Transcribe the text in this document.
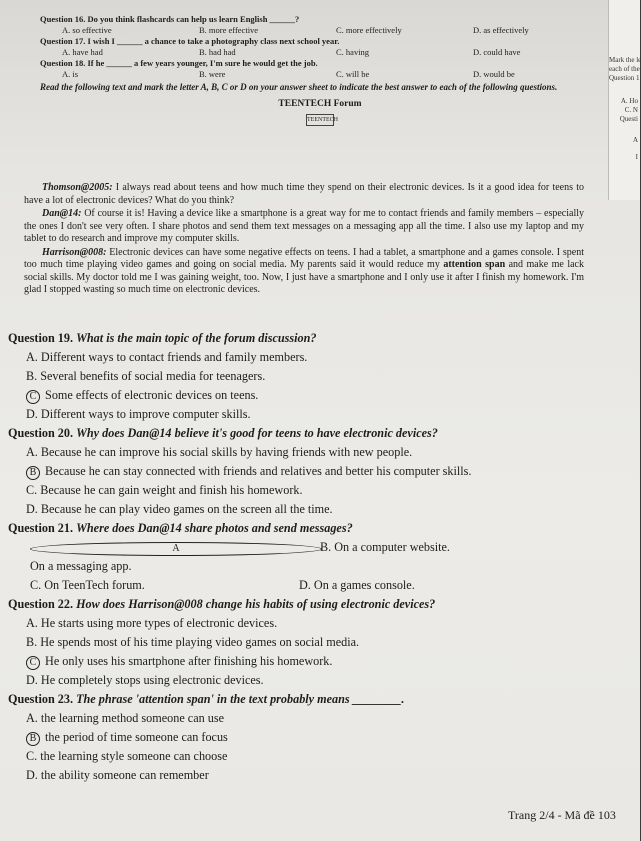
Mark the le
each of the
Question 1
A. Ho
C. N
Questi
A
I
Question 16. Do you think flashcards can help us learn English ______?
A. so effective	B. more effective	C. more effectively	D. as effectively
Question 17. I wish I ______ a chance to take a photography class next school year.
A. have had	B. had had	C. having	D. could have
Question 18. If he ______ a few years younger, I'm sure he would get the job.
A. is	B. were	C. will be	D. would be
Read the following text and mark the letter A, B, C or D on your answer sheet to indicate the best answer to each of the following questions.
TEENTECH Forum
TEENTECH

Thomson@2005: I always read about teens and how much time they spend on their electronic devices. Is it a good idea for teens to have a lot of electronic devices? What do you think?

Dan@14: Of course it is! Having a device like a smartphone is a great way for me to contact friends and family members – especially the ones I don't see very often. I share photos and send them text messages on a messaging app all the time. I also use my laptop and my tablet to do research and improve my computer skills.

Harrison@008: Electronic devices can have some negative effects on teens. I had a tablet, a smartphone and a games console. I spent too much time playing video games and going on social media. My parents said it would reduce my attention span and make me lack social skills. My doctor told me I was gaining weight, too. Now, I just have a smartphone and I only use it after I finish my homework. I'm glad I stopped wasting so much time on electronic devices.

Question 19. What is the main topic of the forum discussion?
A. Different ways to contact friends and family members.
B. Several benefits of social media for teenagers.
C Some effects of electronic devices on teens.
D. Different ways to improve computer skills.
Question 20. Why does Dan@14 believe it's good for teens to have electronic devices?
A. Because he can improve his social skills by having friends with new people.
B Because he can stay connected with friends and relatives and better his computer skills.
C. Because he can gain weight and finish his homework.
D. Because he can play video games on the screen all the time.
Question 21. Where does Dan@14 share photos and send messages?
A On a messaging app.
B. On a computer website.
C. On TeenTech forum.	D. On a games console.
Question 22. How does Harrison@008 change his habits of using electronic devices?
A. He starts using more types of electronic devices.
B. He spends most of his time playing video games on social media.
C He only uses his smartphone after finishing his homework.
D. He completely stops using electronic devices.
Question 23. The phrase 'attention span' in the text probably means ________.
A. the learning method someone can use
B the period of time someone can focus
C. the learning style someone can choose
D. the ability someone can remember
Trang 2/4 - Mã đề 103
